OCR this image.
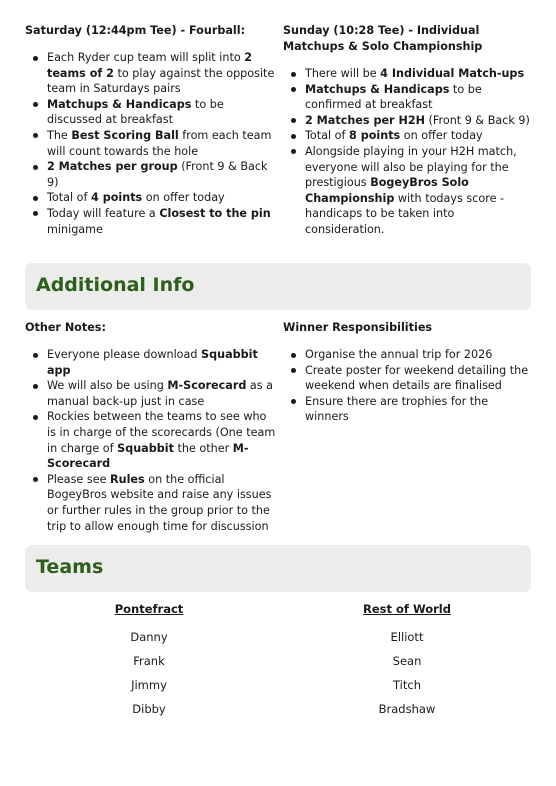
Saturday (12:44pm Tee) - Fourball:
Each Ryder cup team will split into 2 teams of 2 to play against the opposite team in Saturdays pairs
Matchups & Handicaps to be discussed at breakfast
The Best Scoring Ball from each team will count towards the hole
2 Matches per group (Front 9 & Back 9)
Total of 4 points on offer today
Today will feature a Closest to the pin minigame
Sunday (10:28 Tee) - Individual Matchups & Solo Championship
There will be 4 Individual Match-ups
Matchups & Handicaps to be confirmed at breakfast
2 Matches per H2H (Front 9 & Back 9)
Total of 8 points on offer today
Alongside playing in your H2H match, everyone will also be playing for the prestigious BogeyBros Solo Championship with todays score - handicaps to be taken into consideration.
Additional Info
Other Notes:
Everyone please download Squabbit app
We will also be using M-Scorecard as a manual back-up just in case
Rockies between the teams to see who is in charge of the scorecards (One team in charge of Squabbit the other M-Scorecard
Please see Rules on the official BogeyBros website and raise any issues or further rules in the group prior to the trip to allow enough time for discussion
Winner Responsibilities
Organise the annual trip for 2026
Create poster for weekend detailing the weekend when details are finalised
Ensure there are trophies for the winners
Teams
Pontefract
Danny
Frank
Jimmy
Dibby
Rest of World
Elliott
Sean
Titch
Bradshaw
